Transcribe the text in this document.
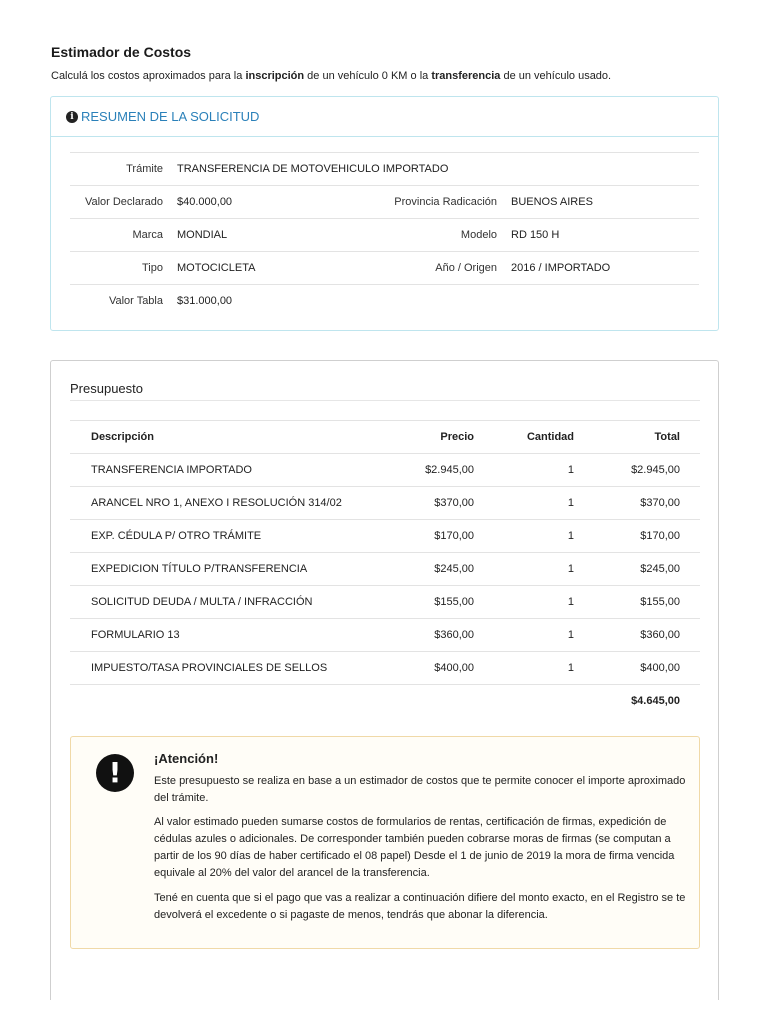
Estimador de Costos
Calculá los costos aproximados para la inscripción de un vehículo 0 KM o la transferencia de un vehículo usado.
i RESUMEN DE LA SOLICITUD
Trámite	TRANSFERENCIA DE MOTOVEHICULO IMPORTADO		
Valor Declarado	$40.000,00	Provincia Radicación	BUENOS AIRES
Marca	MONDIAL	Modelo	RD 150 H
Tipo	MOTOCICLETA	Año / Origen	2016 / IMPORTADO
Valor Tabla	$31.000,00		
Presupuesto
Descripción	Precio	Cantidad	Total
TRANSFERENCIA IMPORTADO	$2.945,00	1	$2.945,00
ARANCEL NRO 1, ANEXO I RESOLUCIÓN 314/02	$370,00	1	$370,00
EXP. CÉDULA P/ OTRO TRÁMITE	$170,00	1	$170,00
EXPEDICION TÍTULO P/TRANSFERENCIA	$245,00	1	$245,00
SOLICITUD DEUDA / MULTA / INFRACCIÓN	$155,00	1	$155,00
FORMULARIO 13	$360,00	1	$360,00
IMPUESTO/TASA PROVINCIALES DE SELLOS	$400,00	1	$400,00
			$4.645,00
!	¡Atención!
Este presupuesto se realiza en base a un estimador de costos que te permite conocer el importe aproximado del trámite.
Al valor estimado pueden sumarse costos de formularios de rentas, certificación de firmas, expedición de cédulas azules o adicionales. De corresponder también pueden cobrarse moras de firmas (se computan a partir de los 90 días de haber certificado el 08 papel) Desde el 1 de junio de 2019 la mora de firma vencida equivale al 20% del valor del arancel de la transferencia.
Tené en cuenta que si el pago que vas a realizar a continuación difiere del monto exacto, en el Registro se te devolverá el excedente o si pagaste de menos, tendrás que abonar la diferencia.
